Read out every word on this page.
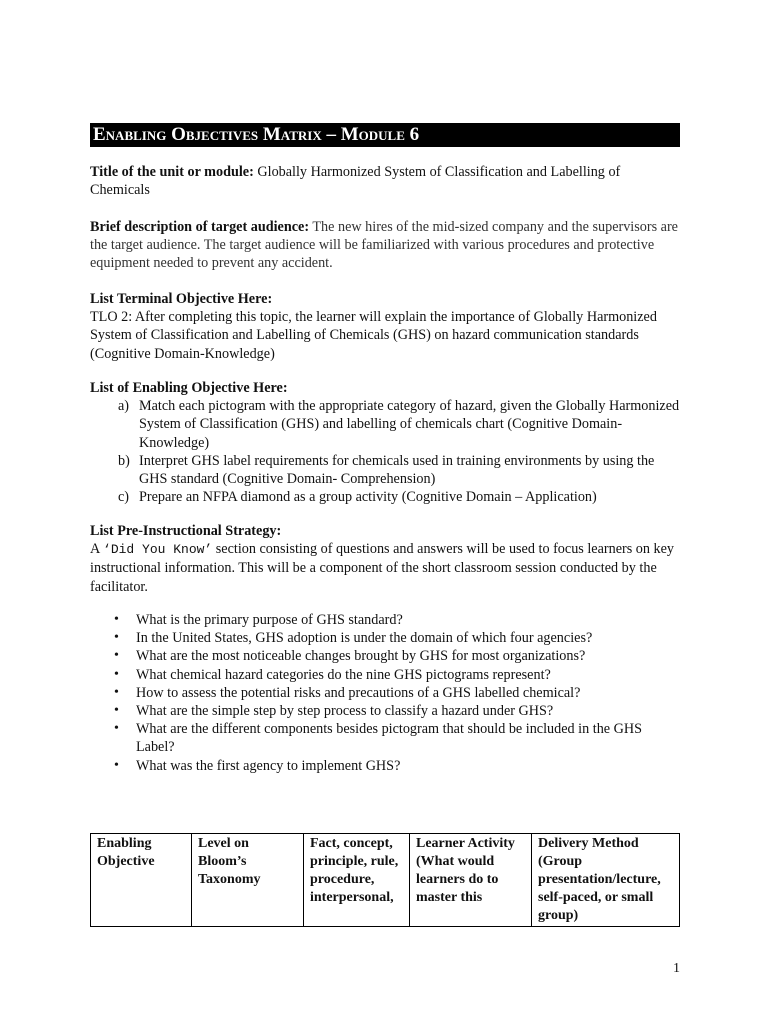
Enabling Objectives Matrix – Module 6
Title of the unit or module: Globally Harmonized System of Classification and Labelling of Chemicals
Brief description of target audience: The new hires of the mid-sized company and the supervisors are the target audience. The target audience will be familiarized with various procedures and protective equipment needed to prevent any accident.
List Terminal Objective Here:
TLO 2: After completing this topic, the learner will explain the importance of Globally Harmonized System of Classification and Labelling of Chemicals (GHS) on hazard communication standards (Cognitive Domain-Knowledge)
List of Enabling Objective Here:
a) Match each pictogram with the appropriate category of hazard, given the Globally Harmonized System of Classification (GHS) and labelling of chemicals chart (Cognitive Domain-Knowledge)
b) Interpret GHS label requirements for chemicals used in training environments by using the GHS standard (Cognitive Domain- Comprehension)
c) Prepare an NFPA diamond as a group activity (Cognitive Domain – Application)
List Pre-Instructional Strategy:
A ‘Did You Know’ section consisting of questions and answers will be used to focus learners on key instructional information. This will be a component of the short classroom session conducted by the facilitator.
• What is the primary purpose of GHS standard?
• In the United States, GHS adoption is under the domain of which four agencies?
• What are the most noticeable changes brought by GHS for most organizations?
• What chemical hazard categories do the nine GHS pictograms represent?
• How to assess the potential risks and precautions of a GHS labelled chemical?
• What are the simple step by step process to classify a hazard under GHS?
• What are the different components besides pictogram that should be included in the GHS Label?
• What was the first agency to implement GHS?
Enabling Objective	Level on Bloom’s Taxonomy	Fact, concept, principle, rule, procedure, interpersonal,	Learner Activity (What would learners do to master this	Delivery Method (Group presentation/lecture, self-paced, or small group)
1
